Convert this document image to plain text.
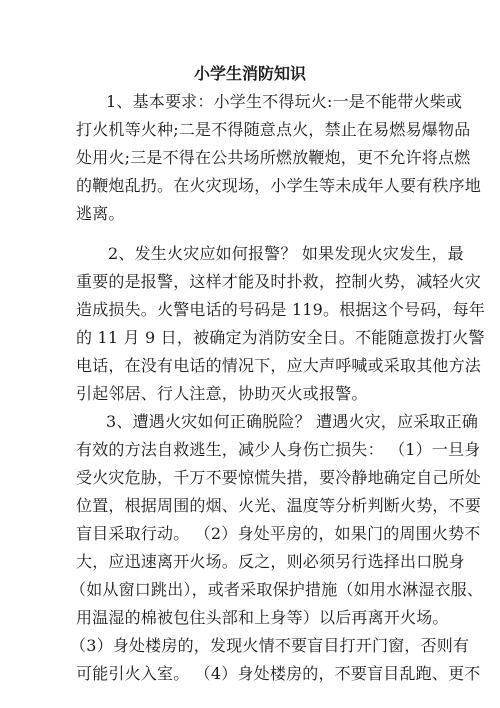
小学生消防知识
1、基本要求：小学生不得玩火:一是不能带火柴或
打火机等火种;二是不得随意点火，禁止在易燃易爆物品
处用火;三是不得在公共场所燃放鞭炮，更不允许将点燃
的鞭炮乱扔。在火灾现场，小学生等未成年人要有秩序地
逃离。
2、发生火灾应如何报警？ 如果发现火灾发生，最
重要的是报警，这样才能及时扑救，控制火势，减轻火灾
造成损失。火警电话的号码是 119。根据这个号码，每年
的 11 月 9 日，被确定为消防安全日。不能随意拨打火警
电话，在没有电话的情况下，应大声呼喊或采取其他方法
引起邻居、行人注意，协助灭火或报警。
3、遭遇火灾如何正确脱险？ 遭遇火灾，应采取正确
有效的方法自救逃生，减少人身伤亡损失： （1）一旦身
受火灾危胁，千万不要惊慌失措，要冷静地确定自己所处
位置，根据周围的烟、火光、温度等分析判断火势，不要
盲目采取行动。 （2）身处平房的，如果门的周围火势不
大，应迅速离开火场。反之，则必须另行选择出口脱身
（如从窗口跳出），或者采取保护措施（如用水淋湿衣服、
用温湿的棉被包住头部和上身等）以后再离开火场。
（3）身处楼房的，发现火情不要盲目打开门窗，否则有
可能引火入室。 （4）身处楼房的，不要盲目乱跑、更不
